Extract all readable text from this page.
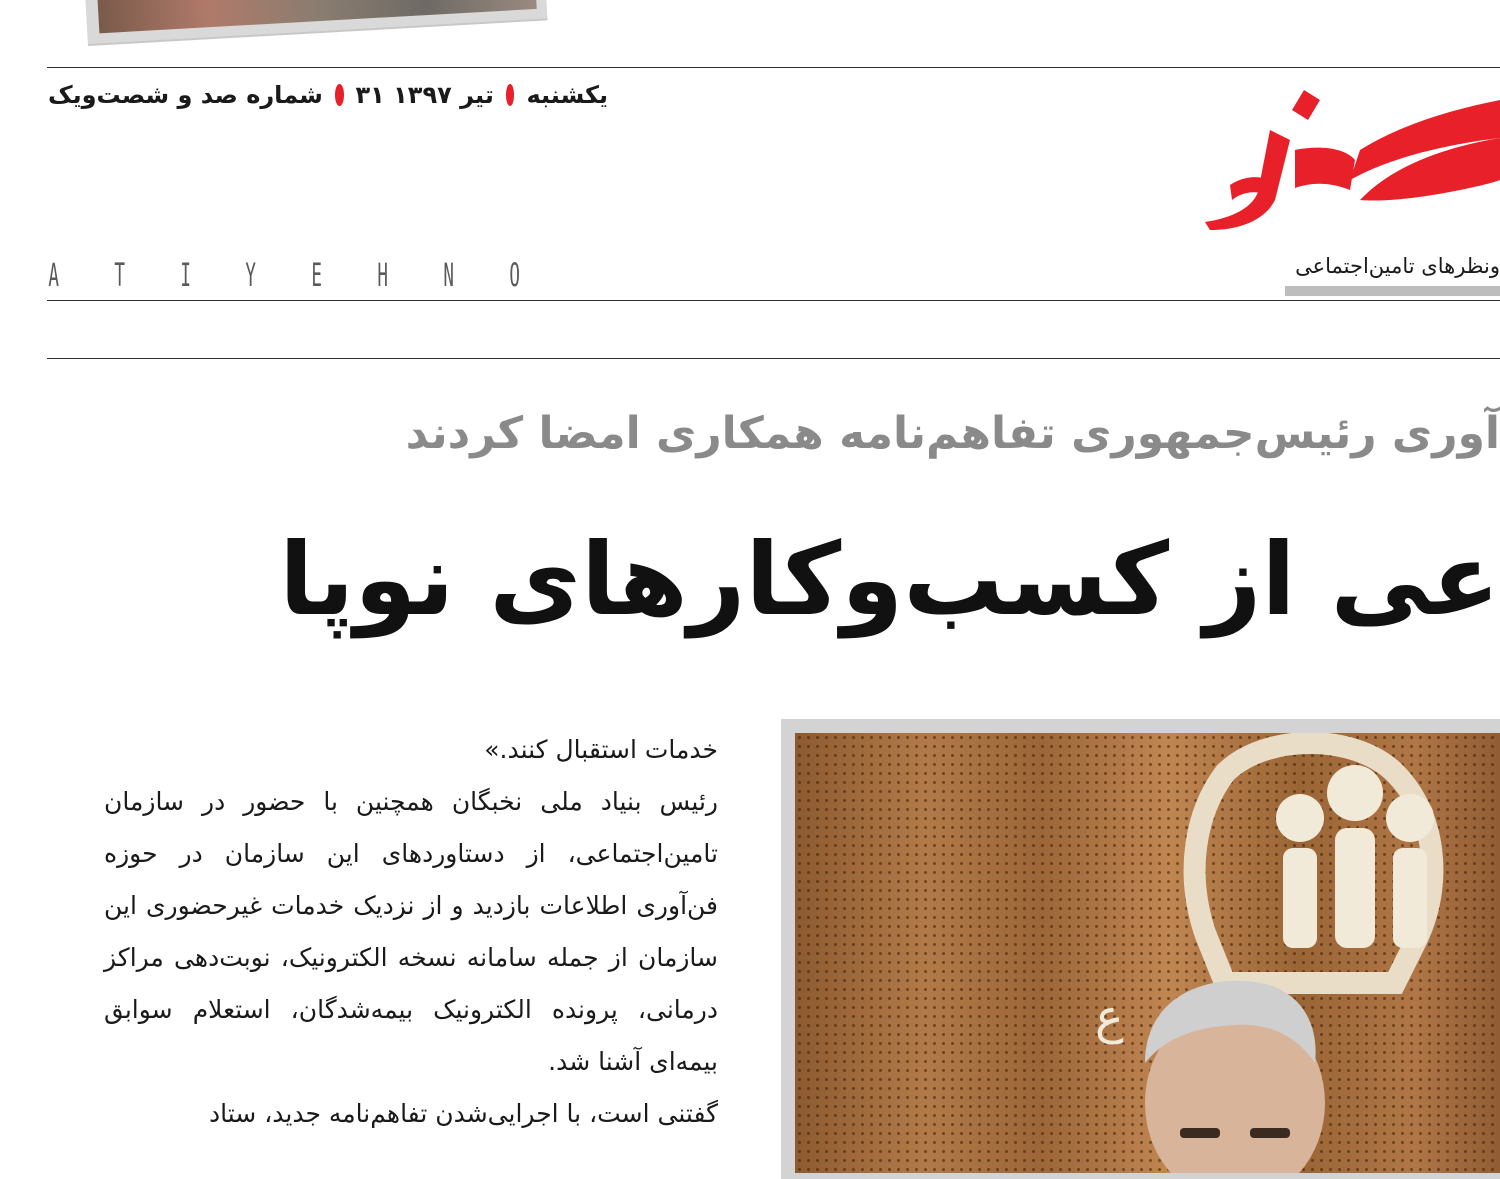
یکشنبه
۳۱ تیر ۱۳۹۷
شماره صد و شصت‌ویک
ونظرهای تامین‌اجتماعی
A T I Y E H N O
آوری رئیس‌جمهوری تفاهم‌نامه همکاری امضا کردند
عی از کسب‌وکارهای نوپا

خدمات استقبال کنند.»

رئیس بنیاد ملی نخبگان همچنین با حضور در سازمان تامین‌اجتماعی، از دستاوردهای این سازمان در حوزه فن‌آوری اطلاعات بازدید و از نزدیک خدمات غیرحضوری این سازمان از جمله سامانه نسخه الکترونیک، نوبت‌دهی مراکز درمانی، پرونده الکترونیک بیمه‌شدگان، استعلام سوابق بیمه‌ای آشنا شد.

گفتنی است، با اجرایی‌شدن تفاهم‌نامه جدید، ستاد

ع
